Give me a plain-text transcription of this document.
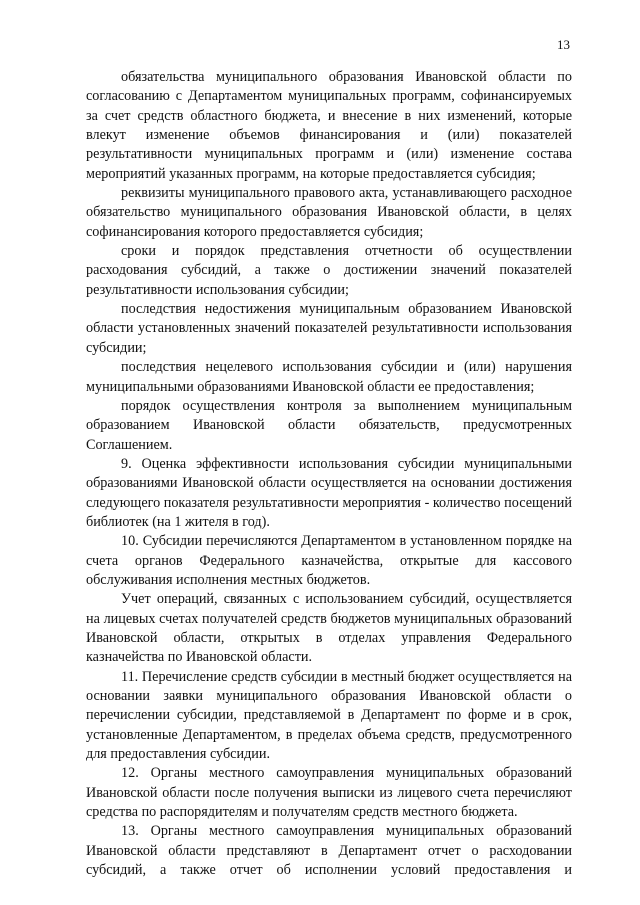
13

обязательства муниципального образования Ивановской области по согласованию с Департаментом муниципальных программ, софинансируемых за счет средств областного бюджета, и внесение в них изменений, которые влекут изменение объемов финансирования и (или) показателей результативности муниципальных программ и (или) изменение состава мероприятий указанных программ, на которые предоставляется субсидия;

реквизиты муниципального правового акта, устанавливающего расходное обязательство муниципального образования Ивановской области, в целях софинансирования которого предоставляется субсидия;

сроки и порядок представления отчетности об осуществлении расходования субсидий, а также о достижении значений показателей результативности использования субсидии;

последствия недостижения муниципальным образованием Ивановской области установленных значений показателей результативности использования субсидии;

последствия нецелевого использования субсидии и (или) нарушения муниципальными образованиями Ивановской области ее предоставления;

порядок осуществления контроля за выполнением муниципальным образованием Ивановской области обязательств, предусмотренных Соглашением.

9. Оценка эффективности использования субсидии муниципальными образованиями Ивановской области осуществляется на основании достижения следующего показателя результативности мероприятия - количество посещений библиотек (на 1 жителя в год).

10. Субсидии перечисляются Департаментом в установленном порядке на счета органов Федерального казначейства, открытые для кассового обслуживания исполнения местных бюджетов.

Учет операций, связанных с использованием субсидий, осуществляется на лицевых счетах получателей средств бюджетов муниципальных образований Ивановской области, открытых в отделах управления Федерального казначейства по Ивановской области.

11. Перечисление средств субсидии в местный бюджет осуществляется на основании заявки муниципального образования Ивановской области о перечислении субсидии, представляемой в Департамент по форме и в срок, установленные Департаментом, в пределах объема средств, предусмотренного для предоставления субсидии.

12. Органы местного самоуправления муниципальных образований Ивановской области после получения выписки из лицевого счета перечисляют средства по распорядителям и получателям средств местного бюджета.

13. Органы местного самоуправления муниципальных образований Ивановской области представляют в Департамент отчет о расходовании субсидий, а также отчет об исполнении условий предоставления и
